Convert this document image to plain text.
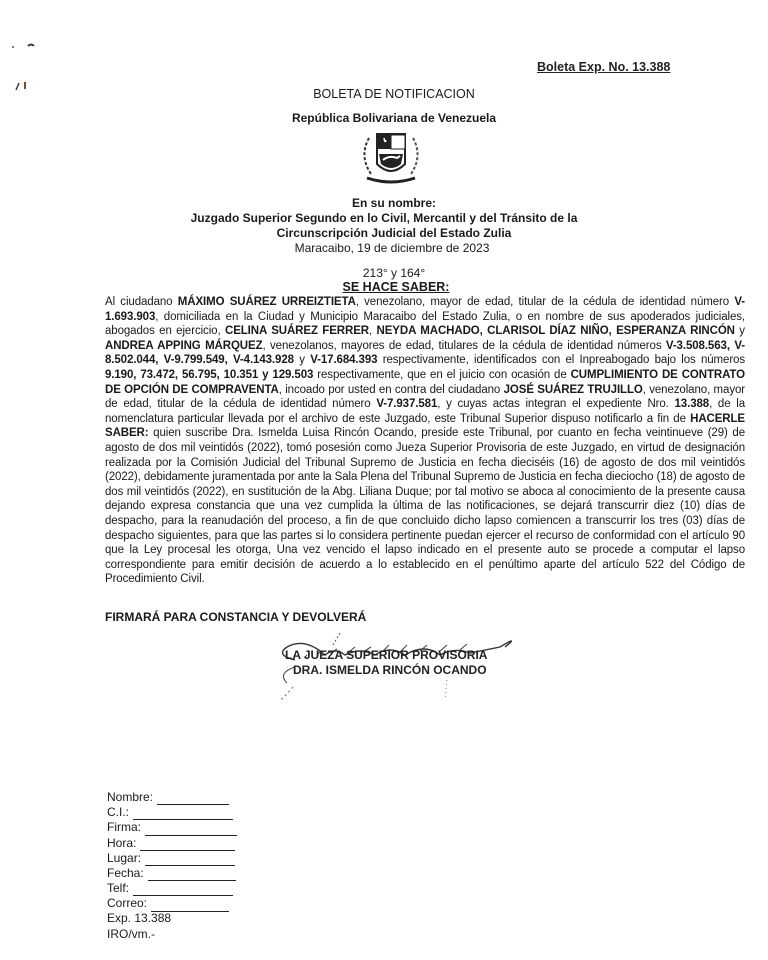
Boleta Exp. No. 13.388
BOLETA DE NOTIFICACION
República Bolivariana de Venezuela
En su nombre:
Juzgado Superior Segundo en lo Civil, Mercantil y del Tránsito de la
Circunscripción Judicial del Estado Zulia
Maracaibo, 19 de diciembre de 2023
213° y 164°
SE HACE SABER:
Al ciudadano MÁXIMO SUÁREZ URREIZTIETA, venezolano, mayor de edad, titular de la cédula de identidad número V-1.693.903, domiciliada en la Ciudad y Municipio Maracaibo del Estado Zulia, o en nombre de sus apoderados judiciales, abogados en ejercicio, CELINA SUÁREZ FERRER, NEYDA MACHADO, CLARISOL DÍAZ NIÑO, ESPERANZA RINCÓN y ANDREA APPING MÁRQUEZ, venezolanos, mayores de edad, titulares de la cédula de identidad números V-3.508.563, V-8.502.044, V-9.799.549, V-4.143.928 y V-17.684.393 respectivamente, identificados con el Inpreabogado bajo los números 9.190, 73.472, 56.795, 10.351 y 129.503 respectivamente, que en el juicio con ocasión de CUMPLIMIENTO DE CONTRATO DE OPCIÓN DE COMPRAVENTA, incoado por usted en contra del ciudadano JOSÉ SUÁREZ TRUJILLO, venezolano, mayor de edad, titular de la cédula de identidad número V-7.937.581, y cuyas actas integran el expediente Nro. 13.388, de la nomenclatura particular llevada por el archivo de este Juzgado, este Tribunal Superior dispuso notificarlo a fin de HACERLE SABER: quien suscribe Dra. Ismelda Luisa Rincón Ocando, preside este Tribunal, por cuanto en fecha veintinueve (29) de agosto de dos mil veintidós (2022), tomó posesión como Jueza Superior Provisoria de este Juzgado, en virtud de designación realizada por la Comisión Judicial del Tribunal Supremo de Justicia en fecha dieciséis (16) de agosto de dos mil veintidós (2022), debidamente juramentada por ante la Sala Plena del Tribunal Supremo de Justicia en fecha dieciocho (18) de agosto de dos mil veintidós (2022), en sustitución de la Abg. Liliana Duque; por tal motivo se aboca al conocimiento de la presente causa dejando expresa constancia que una vez cumplida la última de las notificaciones, se dejará transcurrir diez (10) días de despacho, para la reanudación del proceso, a fin de que concluido dicho lapso comiencen a transcurrir los tres (03) días de despacho siguientes, para que las partes si lo considera pertinente puedan ejercer el recurso de conformidad con el artículo 90 que la Ley procesal les otorga, Una vez vencido el lapso indicado en el presente auto se procede a computar el lapso correspondiente para emitir decisión de acuerdo a lo establecido en el penúltimo aparte del artículo 522 del Código de Procedimiento Civil.
FIRMARÁ PARA CONSTANCIA Y DEVOLVERÁ
LA JUEZA SUPERIOR PROVISORIA
DRA. ISMELDA RINCÓN OCANDO
Nombre:
C.I.:
Firma:
Hora:
Lugar:
Fecha:
Telf:
Correo:
Exp. 13.388
IRO/vm.-
